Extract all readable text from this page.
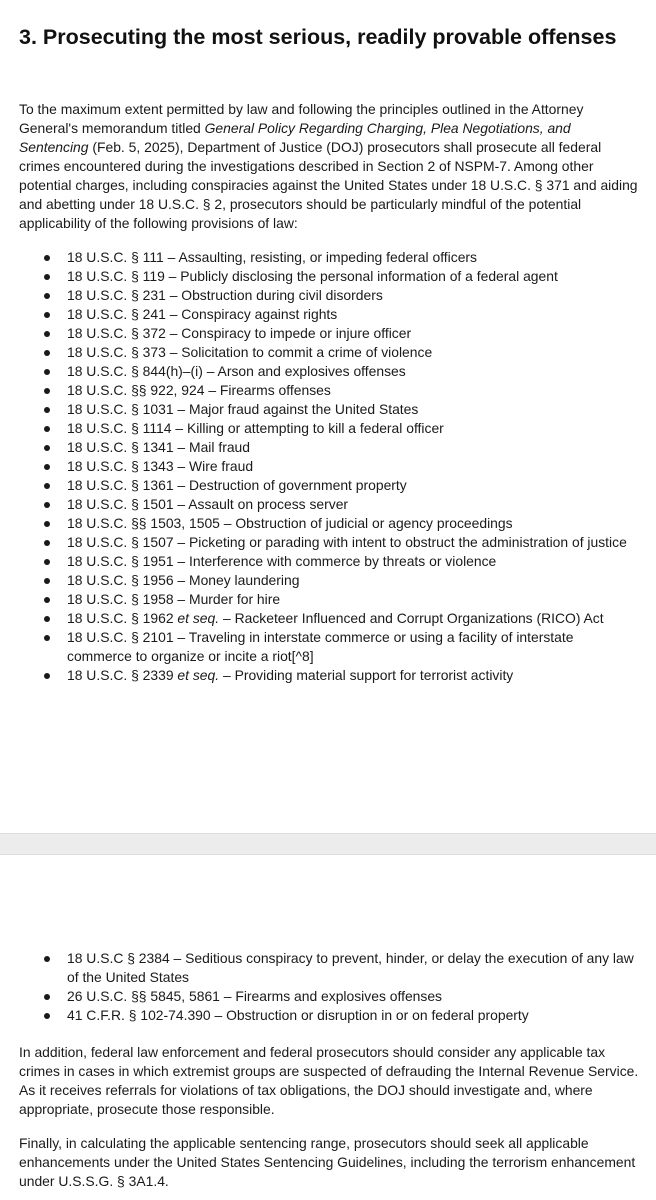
3. Prosecuting the most serious, readily provable offenses

To the maximum extent permitted by law and following the principles outlined in the Attorney General's memorandum titled General Policy Regarding Charging, Plea Negotiations, and Sentencing (Feb. 5, 2025), Department of Justice (DOJ) prosecutors shall prosecute all federal crimes encountered during the investigations described in Section 2 of NSPM-7. Among other potential charges, including conspiracies against the United States under 18 U.S.C. § 371 and aiding and abetting under 18 U.S.C. § 2, prosecutors should be particularly mindful of the potential applicability of the following provisions of law:

18 U.S.C. § 111 – Assaulting, resisting, or impeding federal officers
18 U.S.C. § 119 – Publicly disclosing the personal information of a federal agent
18 U.S.C. § 231 – Obstruction during civil disorders
18 U.S.C. § 241 – Conspiracy against rights
18 U.S.C. § 372 – Conspiracy to impede or injure officer
18 U.S.C. § 373 – Solicitation to commit a crime of violence
18 U.S.C. § 844(h)–(i) – Arson and explosives offenses
18 U.S.C. §§ 922, 924 – Firearms offenses
18 U.S.C. § 1031 – Major fraud against the United States
18 U.S.C. § 1114 – Killing or attempting to kill a federal officer
18 U.S.C. § 1341 – Mail fraud
18 U.S.C. § 1343 – Wire fraud
18 U.S.C. § 1361 – Destruction of government property
18 U.S.C. § 1501 – Assault on process server
18 U.S.C. §§ 1503, 1505 – Obstruction of judicial or agency proceedings
18 U.S.C. § 1507 – Picketing or parading with intent to obstruct the administration of justice
18 U.S.C. § 1951 – Interference with commerce by threats or violence
18 U.S.C. § 1956 – Money laundering
18 U.S.C. § 1958 – Murder for hire
18 U.S.C. § 1962 et seq. – Racketeer Influenced and Corrupt Organizations (RICO) Act
18 U.S.C. § 2101 – Traveling in interstate commerce or using a facility of interstate commerce to organize or incite a riot[^8]
18 U.S.C. § 2339 et seq. – Providing material support for terrorist activity
18 U.S.C § 2384 – Seditious conspiracy to prevent, hinder, or delay the execution of any law of the United States
26 U.S.C. §§ 5845, 5861 – Firearms and explosives offenses
41 C.F.R. § 102-74.390 – Obstruction or disruption in or on federal property

In addition, federal law enforcement and federal prosecutors should consider any applicable tax crimes in cases in which extremist groups are suspected of defrauding the Internal Revenue Service. As it receives referrals for violations of tax obligations, the DOJ should investigate and, where appropriate, prosecute those responsible.

Finally, in calculating the applicable sentencing range, prosecutors should seek all applicable enhancements under the United States Sentencing Guidelines, including the terrorism enhancement under U.S.S.G. § 3A1.4.
